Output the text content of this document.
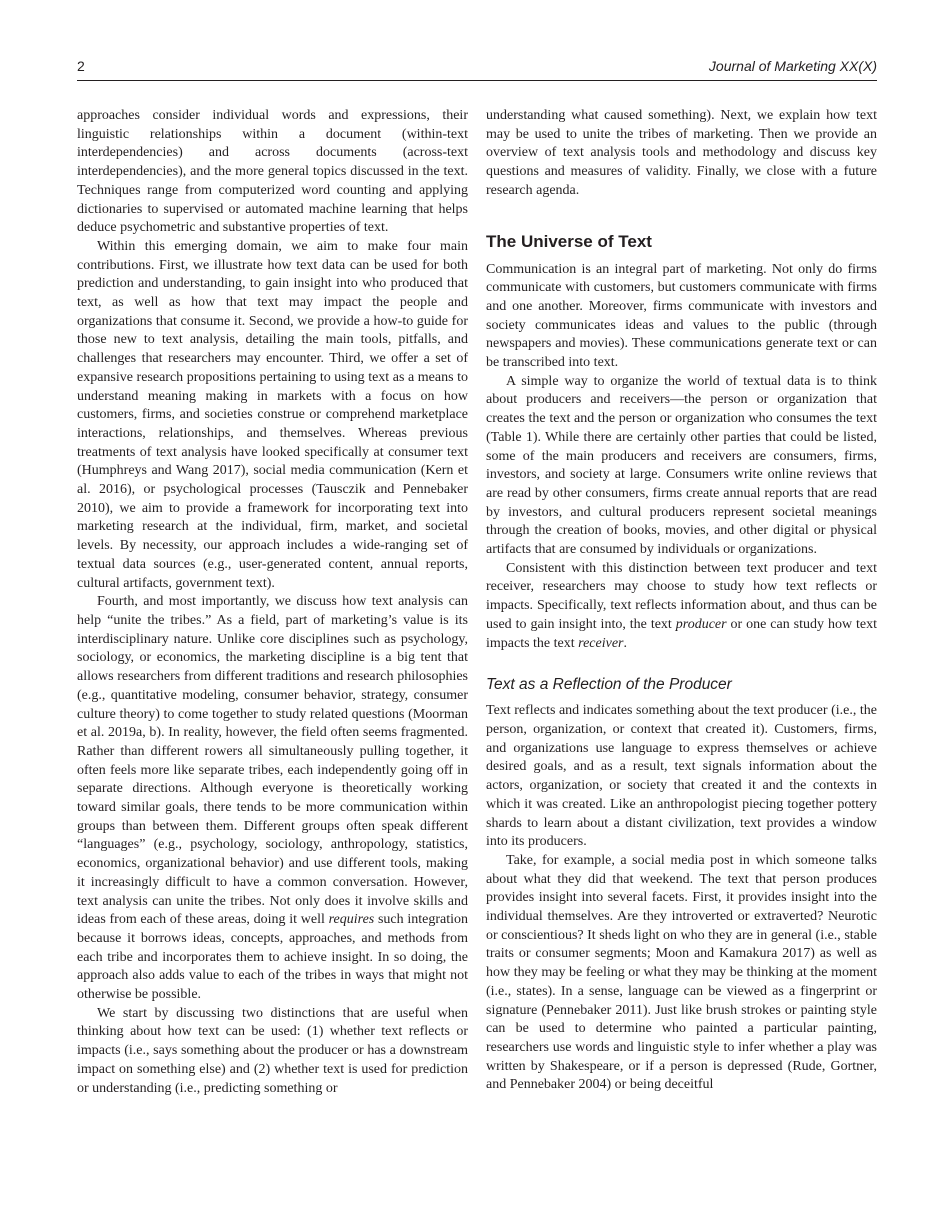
2	Journal of Marketing XX(X)

approaches consider individual words and expressions, their linguistic relationships within a document (within-text interdependencies) and across documents (across-text interdependencies), and the more general topics discussed in the text. Techniques range from computerized word counting and applying dictionaries to supervised or automated machine learning that helps deduce psychometric and substantive properties of text.

Within this emerging domain, we aim to make four main contributions. First, we illustrate how text data can be used for both prediction and understanding, to gain insight into who produced that text, as well as how that text may impact the people and organizations that consume it. Second, we provide a how-to guide for those new to text analysis, detailing the main tools, pitfalls, and challenges that researchers may encounter. Third, we offer a set of expansive research propositions pertaining to using text as a means to understand meaning making in markets with a focus on how customers, firms, and societies construe or comprehend marketplace interactions, relationships, and themselves. Whereas previous treatments of text analysis have looked specifically at consumer text (Humphreys and Wang 2017), social media communication (Kern et al. 2016), or psychological processes (Tausczik and Pennebaker 2010), we aim to provide a framework for incorporating text into marketing research at the individual, firm, market, and societal levels. By necessity, our approach includes a wide-ranging set of textual data sources (e.g., user-generated content, annual reports, cultural artifacts, government text).

Fourth, and most importantly, we discuss how text analysis can help “unite the tribes.” As a field, part of marketing’s value is its interdisciplinary nature. Unlike core disciplines such as psychology, sociology, or economics, the marketing discipline is a big tent that allows researchers from different traditions and research philosophies (e.g., quantitative modeling, consumer behavior, strategy, consumer culture theory) to come together to study related questions (Moorman et al. 2019a, b). In reality, however, the field often seems fragmented. Rather than different rowers all simultaneously pulling together, it often feels more like separate tribes, each independently going off in separate directions. Although everyone is theoretically working toward similar goals, there tends to be more communication within groups than between them. Different groups often speak different “languages” (e.g., psychology, sociology, anthropology, statistics, economics, organizational behavior) and use different tools, making it increasingly difficult to have a common conversation. However, text analysis can unite the tribes. Not only does it involve skills and ideas from each of these areas, doing it well requires such integration because it borrows ideas, concepts, approaches, and methods from each tribe and incorporates them to achieve insight. In so doing, the approach also adds value to each of the tribes in ways that might not otherwise be possible.

We start by discussing two distinctions that are useful when thinking about how text can be used: (1) whether text reflects or impacts (i.e., says something about the producer or has a downstream impact on something else) and (2) whether text is used for prediction or understanding (i.e., predicting something or

understanding what caused something). Next, we explain how text may be used to unite the tribes of marketing. Then we provide an overview of text analysis tools and methodology and discuss key questions and measures of validity. Finally, we close with a future research agenda.

The Universe of Text

Communication is an integral part of marketing. Not only do firms communicate with customers, but customers communicate with firms and one another. Moreover, firms communicate with investors and society communicates ideas and values to the public (through newspapers and movies). These communications generate text or can be transcribed into text.

A simple way to organize the world of textual data is to think about producers and receivers—the person or organization that creates the text and the person or organization who consumes the text (Table 1). While there are certainly other parties that could be listed, some of the main producers and receivers are consumers, firms, investors, and society at large. Consumers write online reviews that are read by other consumers, firms create annual reports that are read by investors, and cultural producers represent societal meanings through the creation of books, movies, and other digital or physical artifacts that are consumed by individuals or organizations.

Consistent with this distinction between text producer and text receiver, researchers may choose to study how text reflects or impacts. Specifically, text reflects information about, and thus can be used to gain insight into, the text producer or one can study how text impacts the text receiver.

Text as a Reflection of the Producer

Text reflects and indicates something about the text producer (i.e., the person, organization, or context that created it). Customers, firms, and organizations use language to express themselves or achieve desired goals, and as a result, text signals information about the actors, organization, or society that created it and the contexts in which it was created. Like an anthropologist piecing together pottery shards to learn about a distant civilization, text provides a window into its producers.

Take, for example, a social media post in which someone talks about what they did that weekend. The text that person produces provides insight into several facets. First, it provides insight into the individual themselves. Are they introverted or extraverted? Neurotic or conscientious? It sheds light on who they are in general (i.e., stable traits or consumer segments; Moon and Kamakura 2017) as well as how they may be feeling or what they may be thinking at the moment (i.e., states). In a sense, language can be viewed as a fingerprint or signature (Pennebaker 2011). Just like brush strokes or painting style can be used to determine who painted a particular painting, researchers use words and linguistic style to infer whether a play was written by Shakespeare, or if a person is depressed (Rude, Gortner, and Pennebaker 2004) or being deceitful
